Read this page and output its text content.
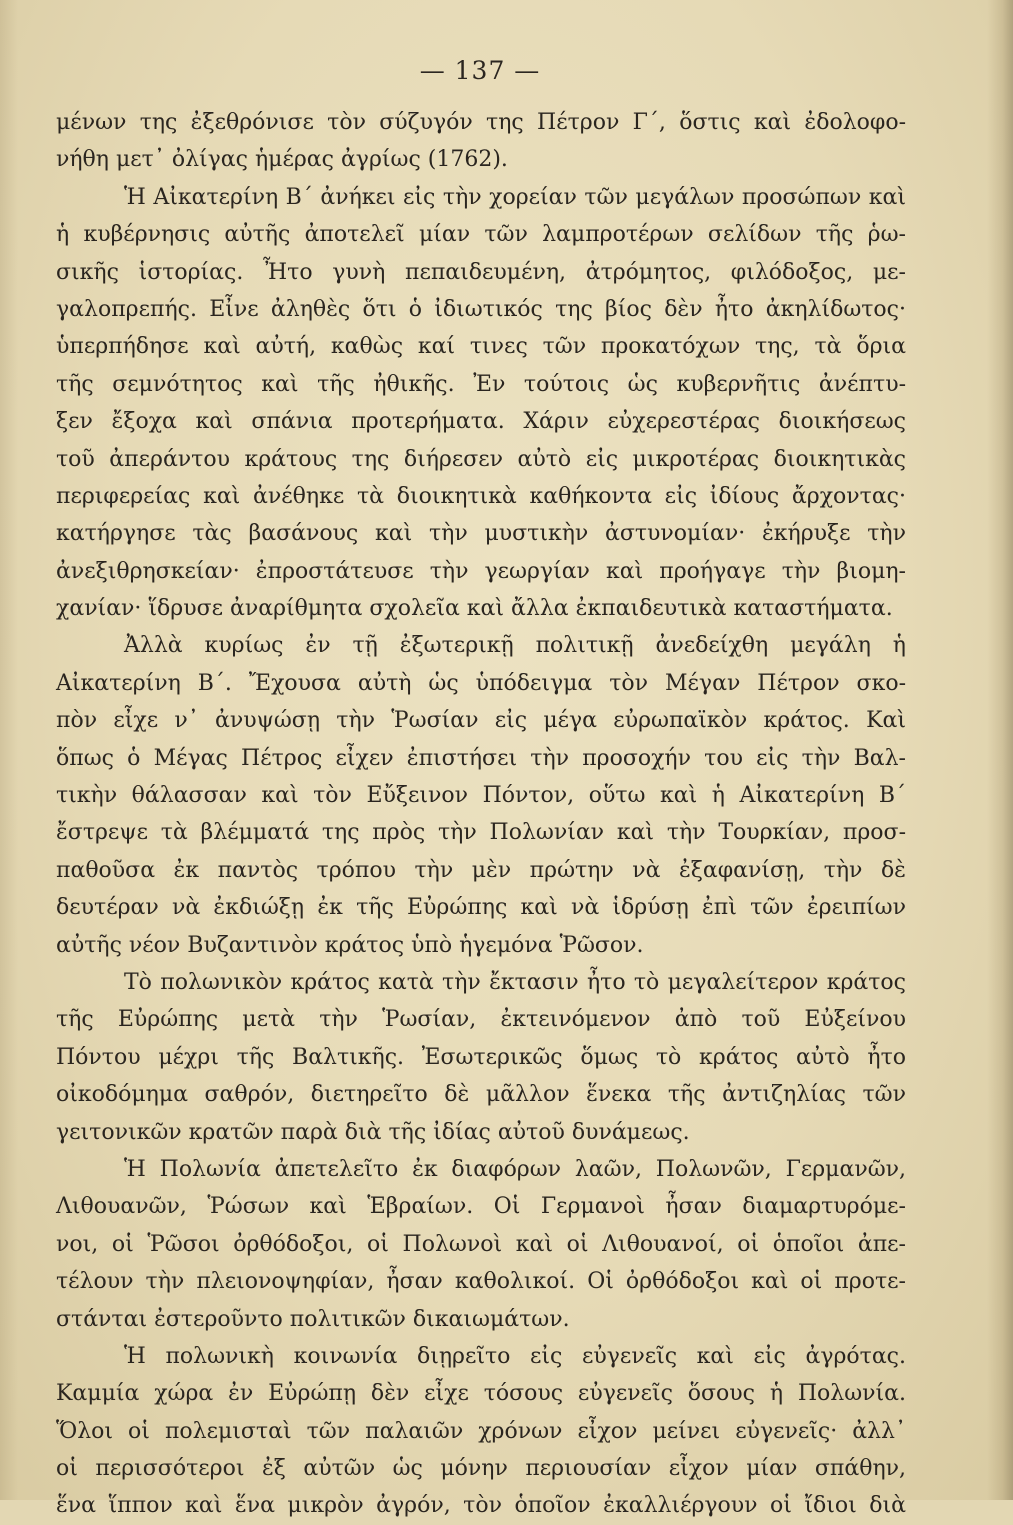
— 137 —
μένων της ἐξεθρόνισε τὸν σύζυγόν της Πέτρον Γ΄, ὅστις καὶ ἐδολοφο-
νήθη μετ᾽ ὀλίγας ἡμέρας ἀγρίως (1762).
Ἡ Αἰκατερίνη Β΄ ἀνήκει εἰς τὴν χορείαν τῶν μεγάλων προσώπων καὶ
ἡ κυβέρνησις αὐτῆς ἀποτελεῖ μίαν τῶν λαμπροτέρων σελίδων τῆς ῥω-
σικῆς ἱστορίας. Ἦτο γυνὴ πεπαιδευμένη, ἀτρόμητος, φιλόδοξος, με-
γαλοπρεπής. Εἶνε ἀληθὲς ὅτι ὁ ἰδιωτικός της βίος δὲν ἦτο ἀκηλίδωτος·
ὑπερπήδησε καὶ αὐτή, καθὼς καί τινες τῶν προκατόχων της, τὰ ὅρια
τῆς σεμνότητος καὶ τῆς ἠθικῆς. Ἐν τούτοις ὡς κυβερνῆτις ἀνέπτυ-
ξεν ἔξοχα καὶ σπάνια προτερήματα. Χάριν εὐχερεστέρας διοικήσεως
τοῦ ἀπεράντου κράτους της διήρεσεν αὐτὸ εἰς μικροτέρας διοικητικὰς
περιφερείας καὶ ἀνέθηκε τὰ διοικητικὰ καθήκοντα εἰς ἰδίους ἄρχοντας·
κατήργησε τὰς βασάνους καὶ τὴν μυστικὴν ἀστυνομίαν· ἐκήρυξε τὴν
ἀνεξιθρησκείαν· ἐπροστάτευσε τὴν γεωργίαν καὶ προήγαγε τὴν βιομη-
χανίαν· ἵδρυσε ἀναρίθμητα σχολεῖα καὶ ἄλλα ἐκπαιδευτικὰ καταστήματα.
Ἀλλὰ κυρίως ἐν τῇ ἐξωτερικῇ πολιτικῇ ἀνεδείχθη μεγάλη ἡ
Αἰκατερίνη Β΄. Ἔχουσα αὐτὴ ὡς ὑπόδειγμα τὸν Μέγαν Πέτρον σκο-
πὸν εἶχε ν᾽ ἀνυψώσῃ τὴν Ῥωσίαν εἰς μέγα εὐρωπαϊκὸν κράτος. Καὶ
ὅπως ὁ Μέγας Πέτρος εἶχεν ἐπιστήσει τὴν προσοχήν του εἰς τὴν Βαλ-
τικὴν θάλασσαν καὶ τὸν Εὔξεινον Πόντον, οὕτω καὶ ἡ Αἰκατερίνη Β΄
ἔστρεψε τὰ βλέμματά της πρὸς τὴν Πολωνίαν καὶ τὴν Τουρκίαν, προσ-
παθοῦσα ἐκ παντὸς τρόπου τὴν μὲν πρώτην νὰ ἐξαφανίσῃ, τὴν δὲ
δευτέραν νὰ ἐκδιώξῃ ἐκ τῆς Εὐρώπης καὶ νὰ ἱδρύσῃ ἐπὶ τῶν ἐρειπίων
αὐτῆς νέον Βυζαντινὸν κράτος ὑπὸ ἡγεμόνα Ῥῶσον.
Τὸ πολωνικὸν κράτος κατὰ τὴν ἔκτασιν ἦτο τὸ μεγαλείτερον κράτος
τῆς Εὐρώπης μετὰ τὴν Ῥωσίαν, ἐκτεινόμενον ἀπὸ τοῦ Εὐξείνου
Πόντου μέχρι τῆς Βαλτικῆς. Ἐσωτερικῶς ὅμως τὸ κράτος αὐτὸ ἦτο
οἰκοδόμημα σαθρόν, διετηρεῖτο δὲ μᾶλλον ἕνεκα τῆς ἀντιζηλίας τῶν
γειτονικῶν κρατῶν παρὰ διὰ τῆς ἰδίας αὐτοῦ δυνάμεως.
Ἡ Πολωνία ἀπετελεῖτο ἐκ διαφόρων λαῶν, Πολωνῶν, Γερμανῶν,
Λιθουανῶν, Ῥώσων καὶ Ἑβραίων. Οἱ Γερμανοὶ ἦσαν διαμαρτυρόμε-
νοι, οἱ Ῥῶσοι ὀρθόδοξοι, οἱ Πολωνοὶ καὶ οἱ Λιθουανοί, οἱ ὁποῖοι ἀπε-
τέλουν τὴν πλειονοψηφίαν, ἦσαν καθολικοί. Οἱ ὀρθόδοξοι καὶ οἱ προτε-
στάνται ἐστεροῦντο πολιτικῶν δικαιωμάτων.
Ἡ πολωνικὴ κοινωνία διῃρεῖτο εἰς εὐγενεῖς καὶ εἰς ἀγρότας.
Καμμία χώρα ἐν Εὐρώπῃ δὲν εἶχε τόσους εὐγενεῖς ὅσους ἡ Πολωνία.
Ὅλοι οἱ πολεμισταὶ τῶν παλαιῶν χρόνων εἶχον μείνει εὐγενεῖς· ἀλλ᾽
οἱ περισσότεροι ἐξ αὐτῶν ὡς μόνην περιουσίαν εἶχον μίαν σπάθην,
ἕνα ἵππον καὶ ἕνα μικρὸν ἀγρόν, τὸν ὁποῖον ἐκαλλιέργουν οἱ ἴδιοι διὰ
